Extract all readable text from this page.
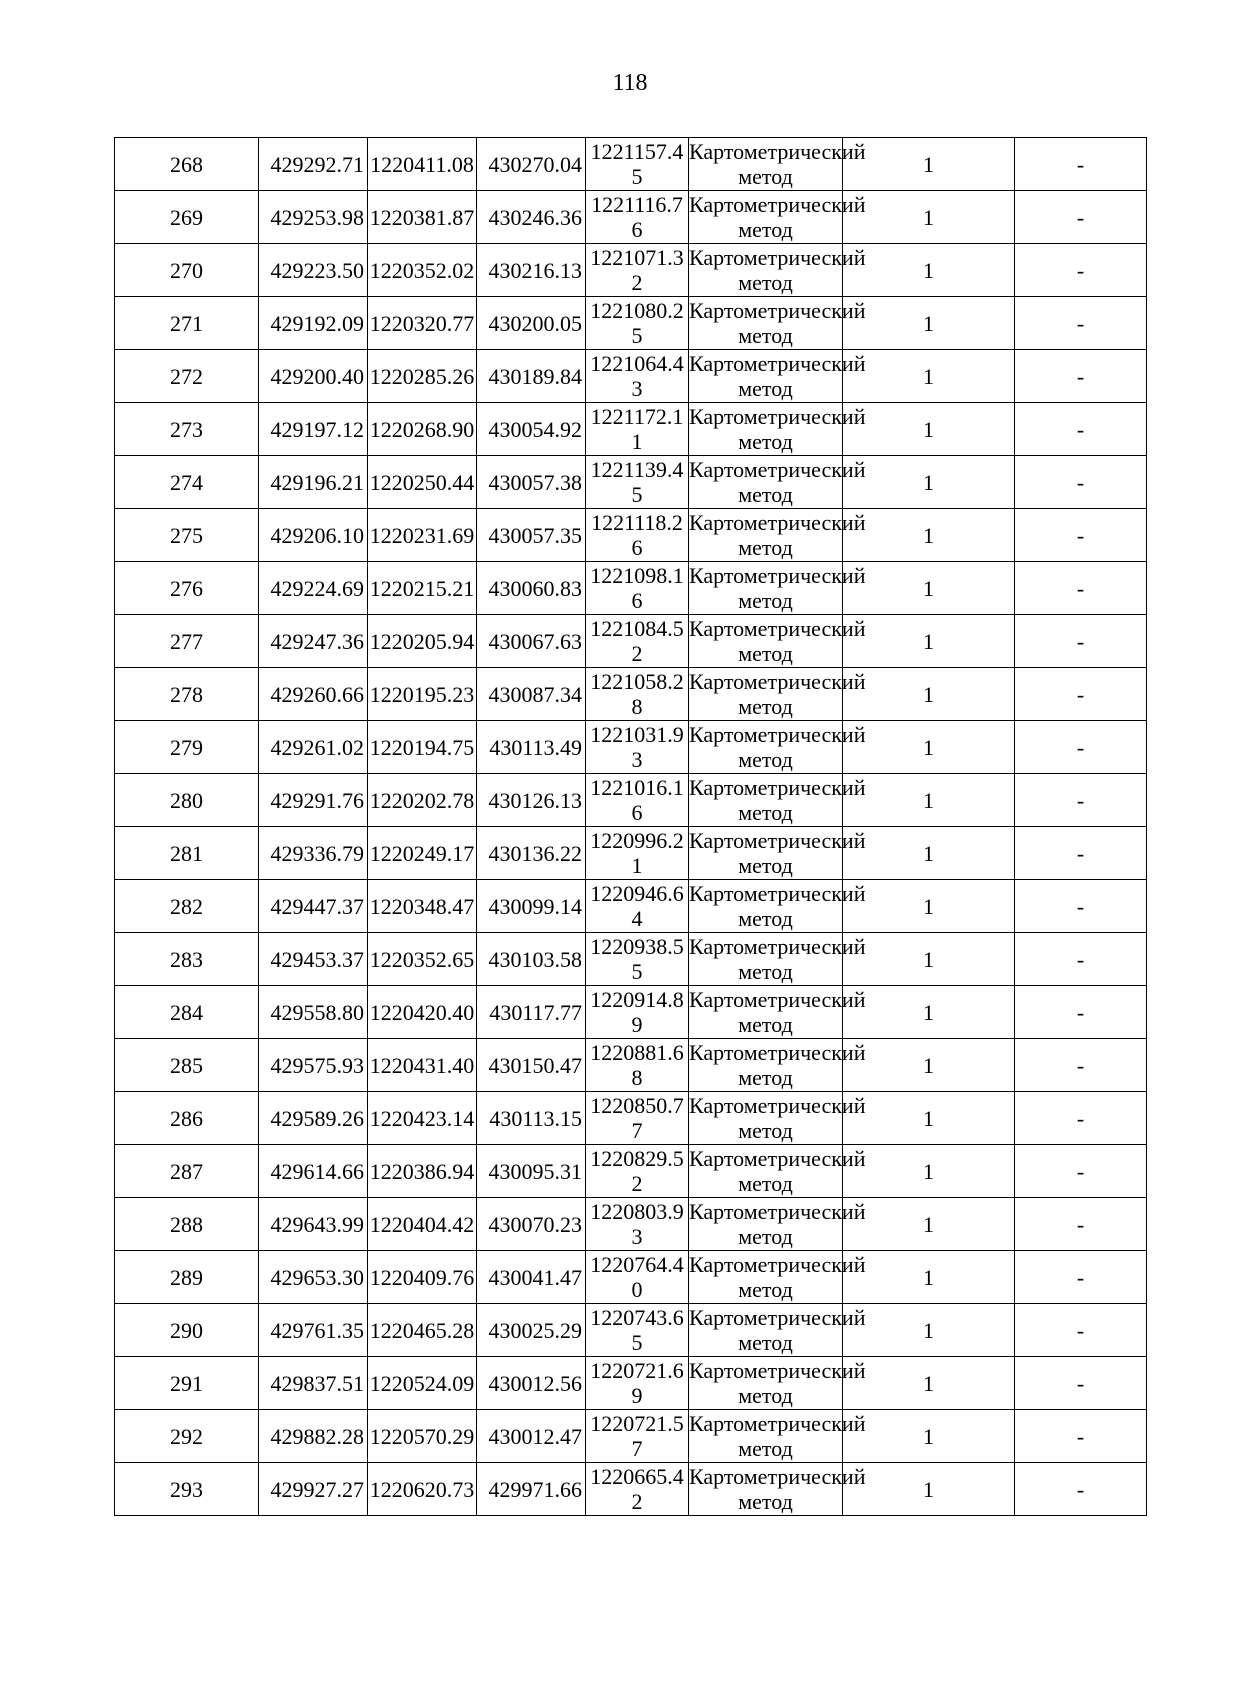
118
268	429292.71	1220411.08	430270.04	1221157.45	Картометрический метод	1	-
269	429253.98	1220381.87	430246.36	1221116.76	Картометрический метод	1	-
270	429223.50	1220352.02	430216.13	1221071.32	Картометрический метод	1	-
271	429192.09	1220320.77	430200.05	1221080.25	Картометрический метод	1	-
272	429200.40	1220285.26	430189.84	1221064.43	Картометрический метод	1	-
273	429197.12	1220268.90	430054.92	1221172.11	Картометрический метод	1	-
274	429196.21	1220250.44	430057.38	1221139.45	Картометрический метод	1	-
275	429206.10	1220231.69	430057.35	1221118.26	Картометрический метод	1	-
276	429224.69	1220215.21	430060.83	1221098.16	Картометрический метод	1	-
277	429247.36	1220205.94	430067.63	1221084.52	Картометрический метод	1	-
278	429260.66	1220195.23	430087.34	1221058.28	Картометрический метод	1	-
279	429261.02	1220194.75	430113.49	1221031.93	Картометрический метод	1	-
280	429291.76	1220202.78	430126.13	1221016.16	Картометрический метод	1	-
281	429336.79	1220249.17	430136.22	1220996.21	Картометрический метод	1	-
282	429447.37	1220348.47	430099.14	1220946.64	Картометрический метод	1	-
283	429453.37	1220352.65	430103.58	1220938.55	Картометрический метод	1	-
284	429558.80	1220420.40	430117.77	1220914.89	Картометрический метод	1	-
285	429575.93	1220431.40	430150.47	1220881.68	Картометрический метод	1	-
286	429589.26	1220423.14	430113.15	1220850.77	Картометрический метод	1	-
287	429614.66	1220386.94	430095.31	1220829.52	Картометрический метод	1	-
288	429643.99	1220404.42	430070.23	1220803.93	Картометрический метод	1	-
289	429653.30	1220409.76	430041.47	1220764.40	Картометрический метод	1	-
290	429761.35	1220465.28	430025.29	1220743.65	Картометрический метод	1	-
291	429837.51	1220524.09	430012.56	1220721.69	Картометрический метод	1	-
292	429882.28	1220570.29	430012.47	1220721.57	Картометрический метод	1	-
293	429927.27	1220620.73	429971.66	1220665.42	Картометрический метод	1	-
